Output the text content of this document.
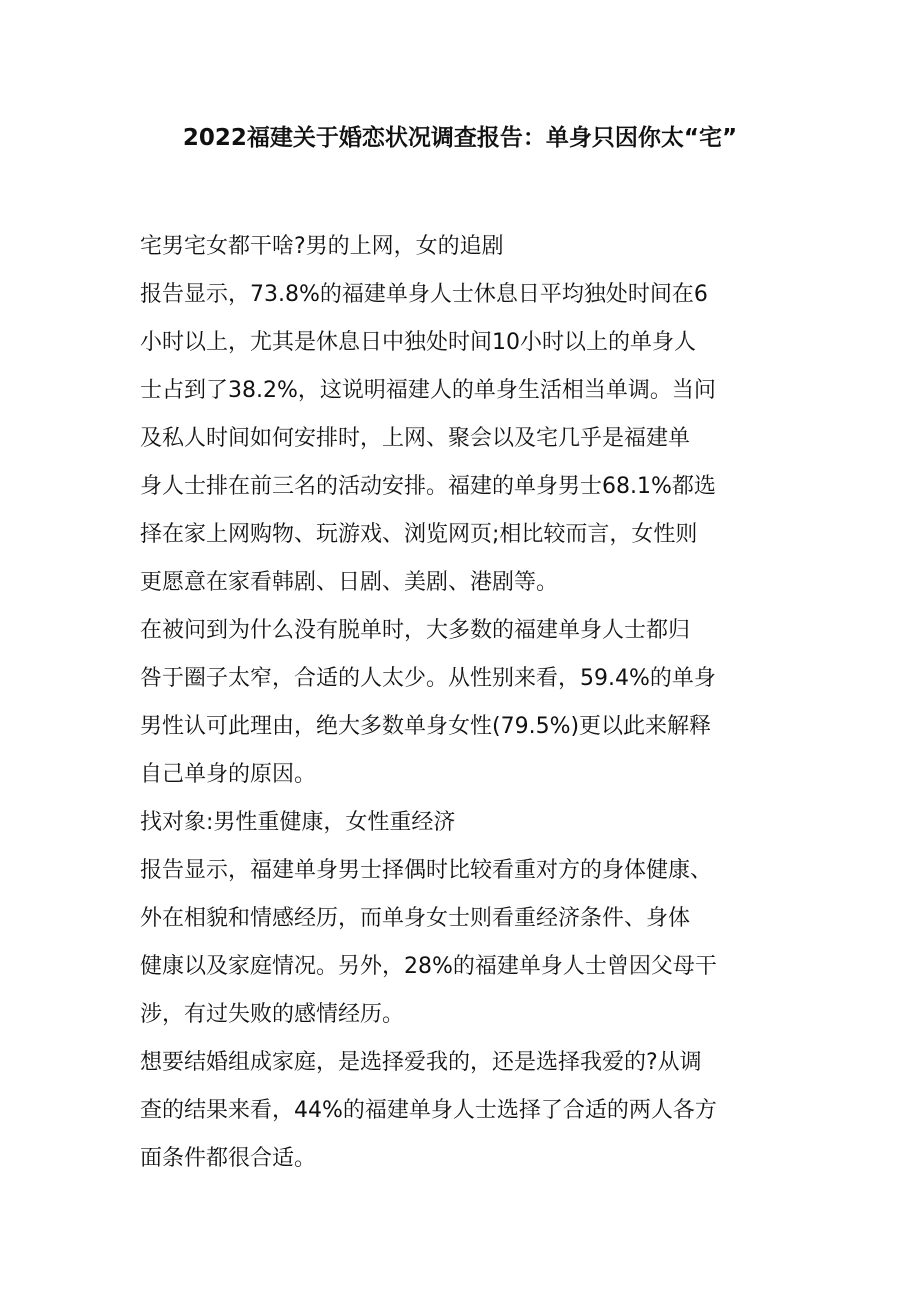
2022福建关于婚恋状况调查报告：单身只因你太“宅”
宅男宅女都干啥?男的上网，女的追剧
报告显示，73.8%的福建单身人士休息日平均独处时间在6
小时以上，尤其是休息日中独处时间10小时以上的单身人
士占到了38.2%，这说明福建人的单身生活相当单调。当问
及私人时间如何安排时，上网、聚会以及宅几乎是福建单
身人士排在前三名的活动安排。福建的单身男士68.1%都选
择在家上网购物、玩游戏、浏览网页;相比较而言，女性则
更愿意在家看韩剧、日剧、美剧、港剧等。
在被问到为什么没有脱单时，大多数的福建单身人士都归
咎于圈子太窄，合适的人太少。从性别来看，59.4%的单身
男性认可此理由，绝大多数单身女性(79.5%)更以此来解释
自己单身的原因。
找对象:男性重健康，女性重经济
报告显示，福建单身男士择偶时比较看重对方的身体健康、
外在相貌和情感经历，而单身女士则看重经济条件、身体
健康以及家庭情况。另外，28%的福建单身人士曾因父母干
涉，有过失败的感情经历。
想要结婚组成家庭，是选择爱我的，还是选择我爱的?从调
查的结果来看，44%的福建单身人士选择了合适的两人各方
面条件都很合适。
